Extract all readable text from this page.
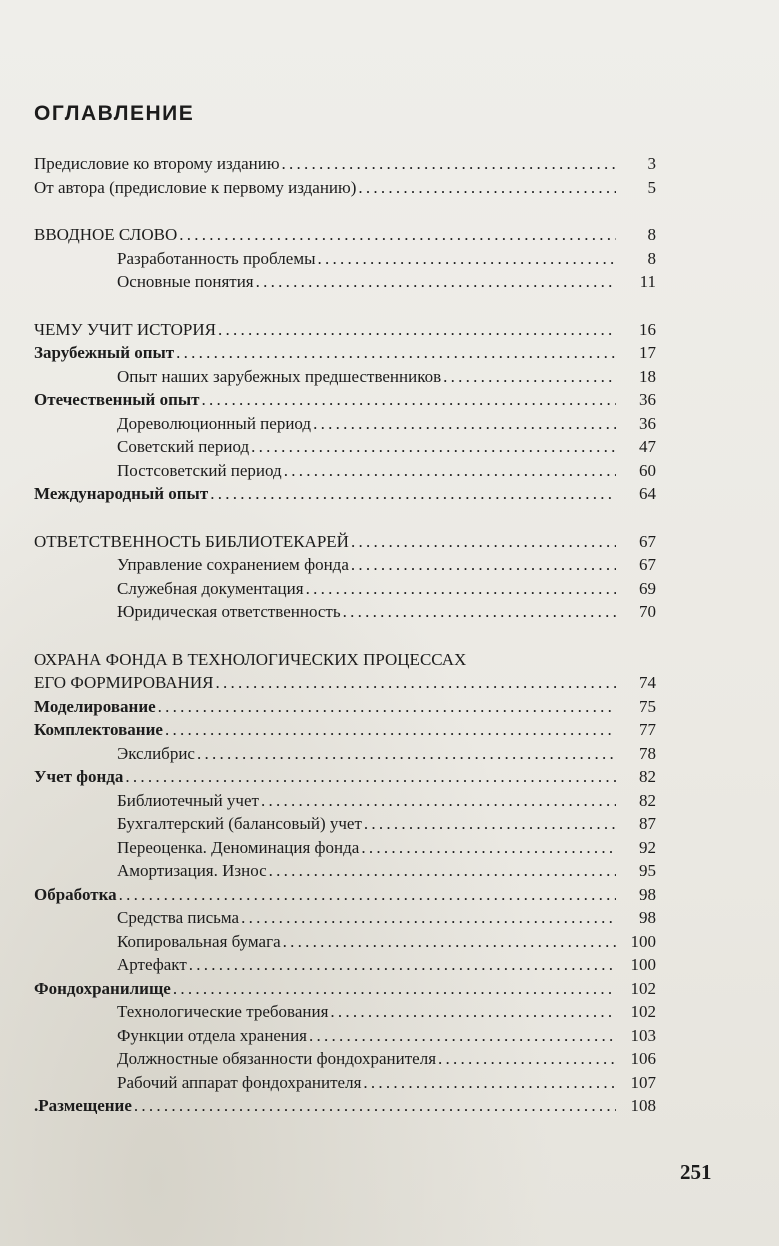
ОГЛАВЛЕНИЕ
Предисловие ко второму изданию . . .	3
От автора (предисловие к первому изданию) . . .	5
ВВОДНОЕ СЛОВО . . .	8
Разработанность проблемы . . .	8
Основные понятия . . .	11
ЧЕМУ УЧИТ ИСТОРИЯ . . .	16
Зарубежный опыт . . .	17
Опыт наших зарубежных предшественников . . .	18
Отечественный опыт . . .	36
Дореволюционный период . . .	36
Советский период . . .	47
Постсоветский период . . .	60
Международный опыт . . .	64
ОТВЕТСТВЕННОСТЬ БИБЛИОТЕКАРЕЙ . . .	67
Управление сохранением фонда . . .	67
Служебная документация . . .	69
Юридическая ответственность . . .	70
ОХРАНА ФОНДА В ТЕХНОЛОГИЧЕСКИХ ПРОЦЕССАХ
ЕГО ФОРМИРОВАНИЯ . . .	74
Моделирование . . .	75
Комплектование . . .	77
Экслибрис . . .	78
Учет фонда . . .	82
Библиотечный учет . . .	82
Бухгалтерский (балансовый) учет . . .	87
Переоценка. Деноминация фонда . . .	92
Амортизация. Износ . . .	95
Обработка . . .	98
Средства письма . . .	98
Копировальная бумага . . .	100
Артефакт . . .	100
Фондохранилище . . .	102
Технологические требования . . .	102
Функции отдела хранения . . .	103
Должностные обязанности фондохранителя . . .	106
Рабочий аппарат фондохранителя . . .	107
.Размещение . . .	108
251
